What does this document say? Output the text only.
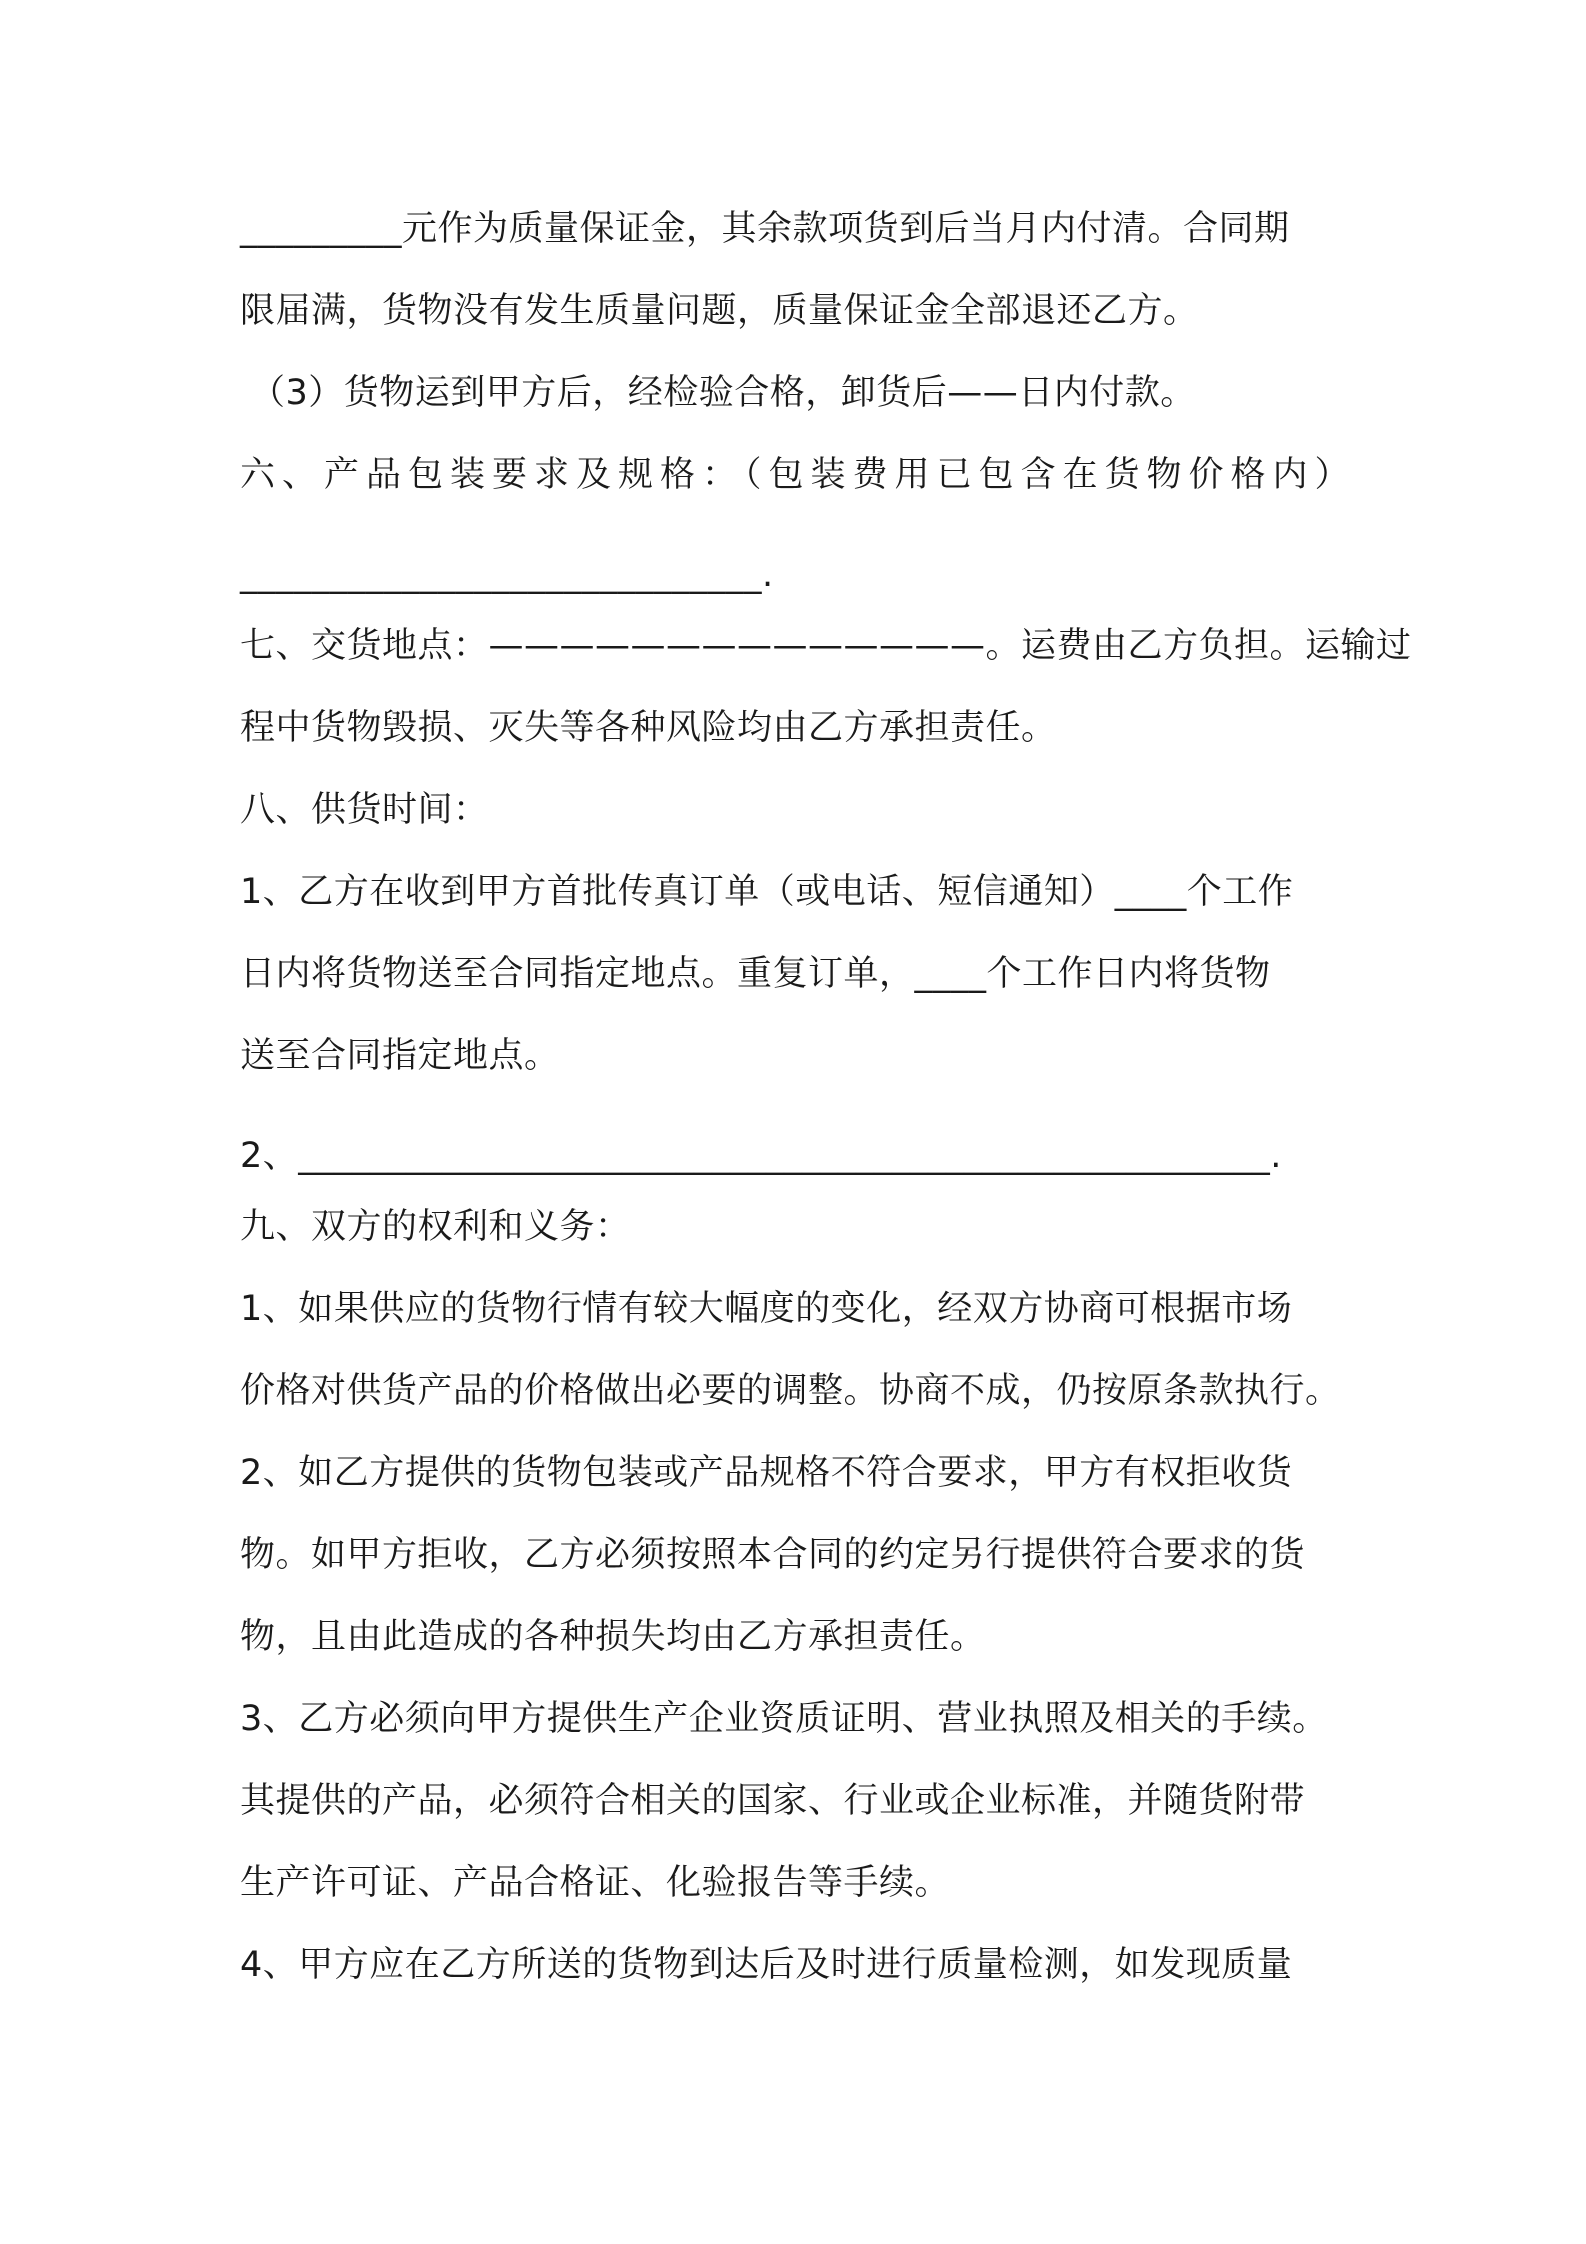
_________元作为质量保证金，其余款项货到后当月内付清。合同期
限届满，货物没有发生质量问题，质量保证金全部退还乙方。
（3）货物运到甲方后，经检验合格，卸货后——日内付款。
六、产品包装要求及规格：（包装费用已包含在货物价格内）
_____________________________.
七、交货地点：——————————————。运费由乙方负担。运输过
程中货物毁损、灭失等各种风险均由乙方承担责任。
八、供货时间：
1、乙方在收到甲方首批传真订单（或电话、短信通知）____个工作
日内将货物送至合同指定地点。重复订单，____个工作日内将货物
送至合同指定地点。
2、______________________________________________________.
九、双方的权利和义务：
1、如果供应的货物行情有较大幅度的变化，经双方协商可根据市场
价格对供货产品的价格做出必要的调整。协商不成，仍按原条款执行。
2、如乙方提供的货物包装或产品规格不符合要求，甲方有权拒收货
物。如甲方拒收，乙方必须按照本合同的约定另行提供符合要求的货
物，且由此造成的各种损失均由乙方承担责任。
3、乙方必须向甲方提供生产企业资质证明、营业执照及相关的手续。
其提供的产品，必须符合相关的国家、行业或企业标准，并随货附带
生产许可证、产品合格证、化验报告等手续。
4、甲方应在乙方所送的货物到达后及时进行质量检测，如发现质量
